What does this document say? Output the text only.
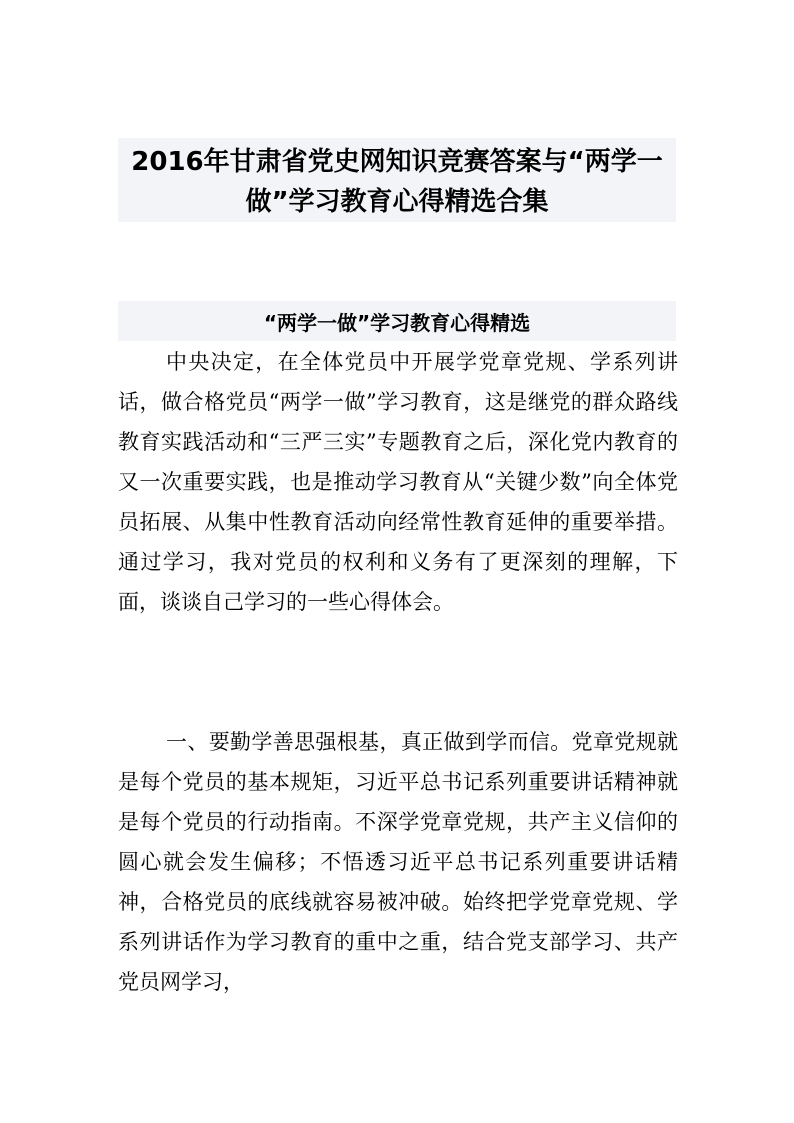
2016年甘肃省党史网知识竞赛答案与“两学一做”学习教育心得精选合集
“两学一做”学习教育心得精选

中央决定，在全体党员中开展学党章党规、学系列讲话，做合格党员“两学一做”学习教育，这是继党的群众路线教育实践活动和“三严三实”专题教育之后，深化党内教育的又一次重要实践，也是推动学习教育从“关键少数”向全体党员拓展、从集中性教育活动向经常性教育延伸的重要举措。通过学习，我对党员的权利和义务有了更深刻的理解，下面，谈谈自己学习的一些心得体会。

一、要勤学善思强根基，真正做到学而信。党章党规就是每个党员的基本规矩，习近平总书记系列重要讲话精神就是每个党员的行动指南。不深学党章党规，共产主义信仰的圆心就会发生偏移；不悟透习近平总书记系列重要讲话精神，合格党员的底线就容易被冲破。始终把学党章党规、学系列讲话作为学习教育的重中之重，结合党支部学习、共产党员网学习，
